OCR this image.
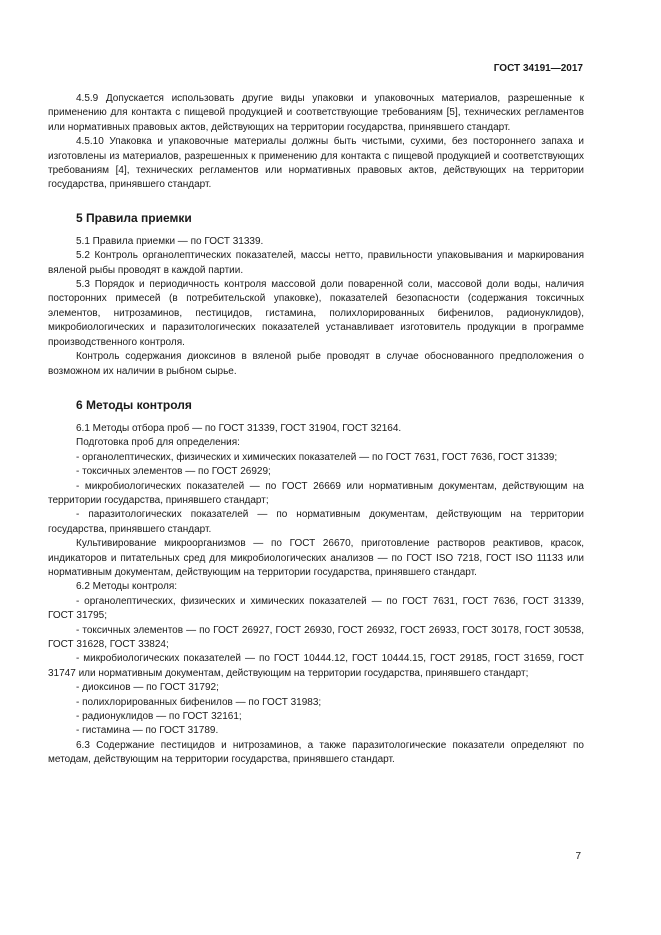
ГОСТ 34191—2017

4.5.9 Допускается использовать другие виды упаковки и упаковочных материалов, разрешенные к применению для контакта с пищевой продукцией и соответствующие требованиям [5], технических регламентов или нормативных правовых актов, действующих на территории государства, принявшего стандарт.

4.5.10 Упаковка и упаковочные материалы должны быть чистыми, сухими, без постороннего запаха и изготовлены из материалов, разрешенных к применению для контакта с пищевой продукцией и соответствующих требованиям [4], технических регламентов или нормативных правовых актов, действующих на территории государства, принявшего стандарт.

5 Правила приемки

5.1 Правила приемки — по ГОСТ 31339.

5.2 Контроль органолептических показателей, массы нетто, правильности упаковывания и маркирования вяленой рыбы проводят в каждой партии.

5.3 Порядок и периодичность контроля массовой доли поваренной соли, массовой доли воды, наличия посторонних примесей (в потребительской упаковке), показателей безопасности (содержания токсичных элементов, нитрозаминов, пестицидов, гистамина, полихлорированных бифенилов, радионуклидов), микробиологических и паразитологических показателей устанавливает изготовитель продукции в программе производственного контроля.

Контроль содержания диоксинов в вяленой рыбе проводят в случае обоснованного предположения о возможном их наличии в рыбном сырье.

6 Методы контроля

6.1 Методы отбора проб — по ГОСТ 31339, ГОСТ 31904, ГОСТ 32164.

Подготовка проб для определения:

- органолептических, физических и химических показателей — по ГОСТ 7631, ГОСТ 7636, ГОСТ 31339;

- токсичных элементов — по ГОСТ 26929;

- микробиологических показателей — по ГОСТ 26669 или нормативным документам, действующим на территории государства, принявшего стандарт;

- паразитологических показателей — по нормативным документам, действующим на территории государства, принявшего стандарт.

Культивирование микроорганизмов — по ГОСТ 26670, приготовление растворов реактивов, красок, индикаторов и питательных сред для микробиологических анализов — по ГОСТ ISO 7218, ГОСТ ISO 11133 или нормативным документам, действующим на территории государства, принявшего стандарт.

6.2 Методы контроля:

- органолептических, физических и химических показателей — по ГОСТ 7631, ГОСТ 7636, ГОСТ 31339, ГОСТ 31795;

- токсичных элементов — по ГОСТ 26927, ГОСТ 26930, ГОСТ 26932, ГОСТ 26933, ГОСТ 30178, ГОСТ 30538, ГОСТ 31628, ГОСТ 33824;

- микробиологических показателей — по ГОСТ 10444.12, ГОСТ 10444.15, ГОСТ 29185, ГОСТ 31659, ГОСТ 31747 или нормативным документам, действующим на территории государства, принявшего стандарт;

- диоксинов — по ГОСТ 31792;

- полихлорированных бифенилов — по ГОСТ 31983;

- радионуклидов — по ГОСТ 32161;

- гистамина — по ГОСТ 31789.

6.3 Содержание пестицидов и нитрозаминов, а также паразитологические показатели определяют по методам, действующим на территории государства, принявшего стандарт.

7
